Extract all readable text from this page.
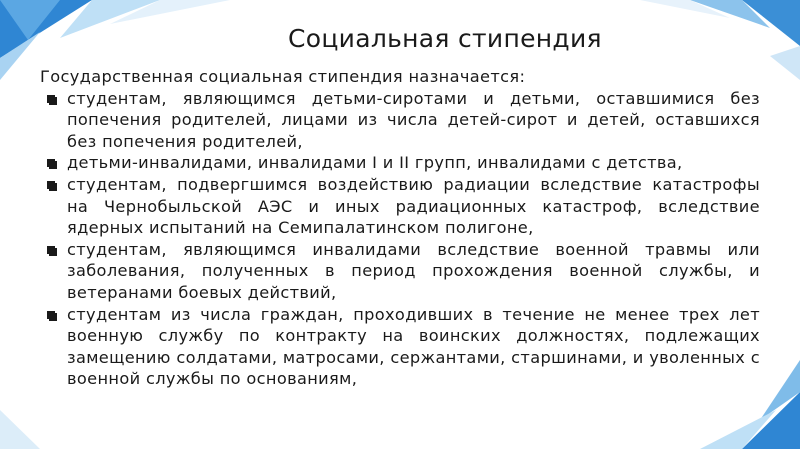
Социальная стипендия
Государственная социальная стипендия назначается:
студентам, являющимся детьми-сиротами и детьми, оставшимися без попечения родителей, лицами из числа детей-сирот и детей, оставшихся без попечения родителей,
детьми-инвалидами, инвалидами I и II групп, инвалидами с детства,
студентам, подвергшимся воздействию радиации вследствие катастрофы на Чернобыльской АЭС и иных радиационных катастроф, вследствие ядерных испытаний на Семипалатинском полигоне,
студентам, являющимся инвалидами вследствие военной травмы или заболевания, полученных в период прохождения военной службы, и ветеранами боевых действий,
студентам из числа граждан, проходивших в течение не менее трех лет военную службу по контракту на воинских должностях, подлежащих замещению солдатами, матросами, сержантами, старшинами, и уволенных с военной службы по основаниям,
